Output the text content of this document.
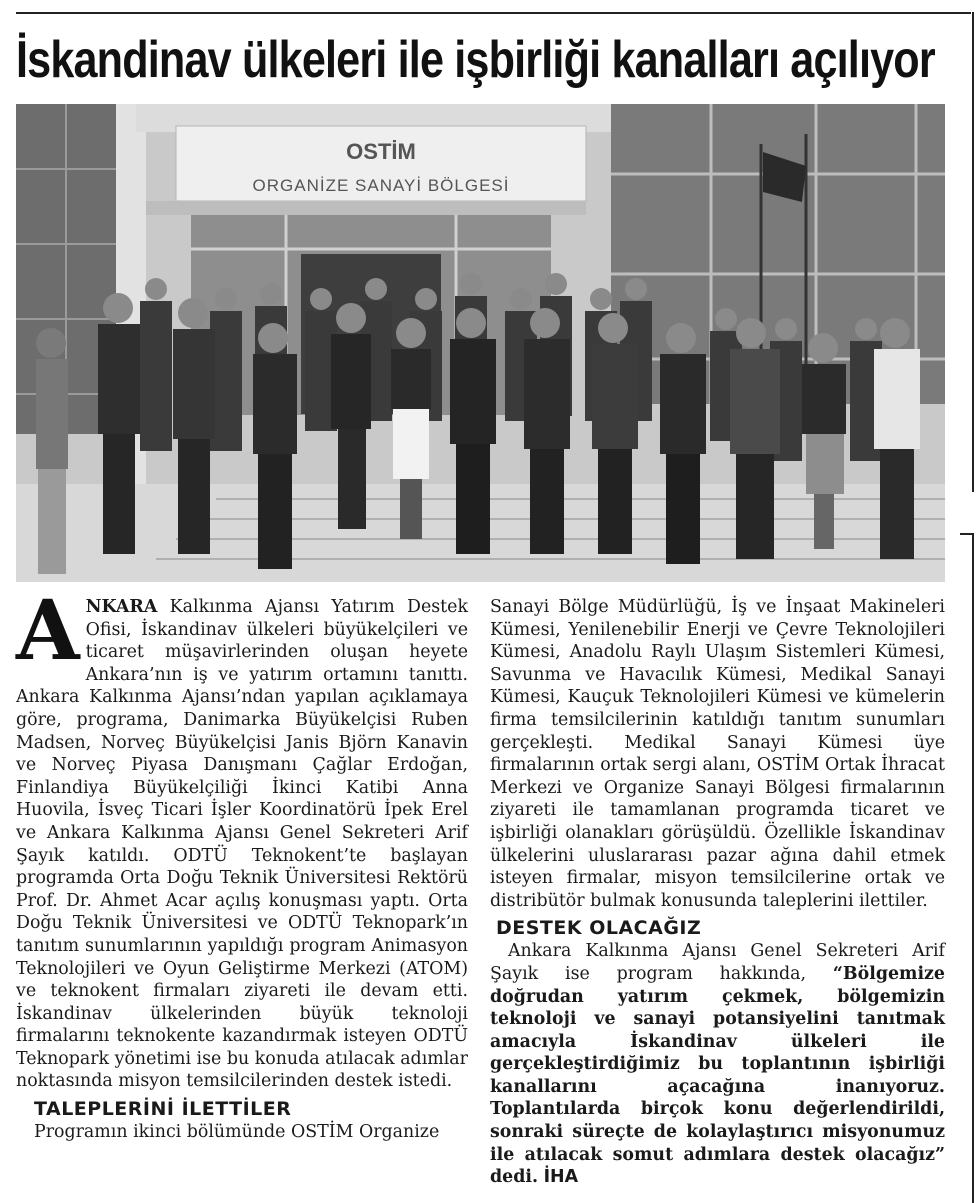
İskandinav ülkeleri ile işbirliği kanalları açılıyor
OSTİM
ORGANİZE SANAYİ BÖLGESİ

ANKARA Kalkınma Ajansı Yatırım Destek Ofisi, İskandinav ülkeleri büyükelçileri ve ticaret müşavirlerinden oluşan heyete Ankara’nın iş ve yatırım ortamını tanıttı. Ankara Kalkınma Ajansı’ndan yapılan açıklamaya göre, programa, Danimarka Büyükelçisi Ruben Madsen, Norveç Büyükelçisi Janis Björn Kanavin ve Norveç Piyasa Danışmanı Çağlar Erdoğan, Finlandiya Büyükelçiliği İkinci Katibi Anna Huovila, İsveç Ticari İşler Koordinatörü İpek Erel ve Ankara Kalkınma Ajansı Genel Sekreteri Arif Şayık katıldı. ODTÜ Teknokent’te başlayan programda Orta Doğu Teknik Üniversitesi Rektörü Prof. Dr. Ahmet Acar açılış konuşması yaptı. Orta Doğu Teknik Üniversitesi ve ODTÜ Teknopark’ın tanıtım sunumlarının yapıldığı program Animasyon Teknolojileri ve Oyun Geliştirme Merkezi (ATOM) ve teknokent firmaları ziyareti ile devam etti. İskandinav ülkelerinden büyük teknoloji firmalarını teknokente kazandırmak isteyen ODTÜ Teknopark yönetimi ise bu konuda atılacak adımlar noktasında misyon temsilcilerinden destek istedi.

TALEPLERİNİ İLETTİLER

Programın ikinci bölümünde OSTİM Organize

Sanayi Bölge Müdürlüğü, İş ve İnşaat Makineleri Kümesi, Yenilenebilir Enerji ve Çevre Teknolojileri Kümesi, Anadolu Raylı Ulaşım Sistemleri Kümesi, Savunma ve Havacılık Kümesi, Medikal Sanayi Kümesi, Kauçuk Teknolojileri Kümesi ve kümelerin firma temsilcilerinin katıldığı tanıtım sunumları gerçekleşti. Medikal Sanayi Kümesi üye firmalarının ortak sergi alanı, OSTİM Ortak İhracat Merkezi ve Organize Sanayi Bölgesi firmalarının ziyareti ile tamamlanan programda ticaret ve işbirliği olanakları görüşüldü. Özellikle İskandinav ülkelerini uluslararası pazar ağına dahil etmek isteyen firmalar, misyon temsilcilerine ortak ve distribütör bulmak konusunda taleplerini ilettiler.

DESTEK OLACAĞIZ

Ankara Kalkınma Ajansı Genel Sekreteri Arif Şayık ise program hakkında, “Bölgemize doğrudan yatırım çekmek, bölgemizin teknoloji ve sanayi potansiyelini tanıtmak amacıyla İskandinav ülkeleri ile gerçekleştirdiğimiz bu toplantının işbirliği kanallarını açacağına inanıyoruz. Toplantılarda birçok konu değerlendirildi, sonraki süreçte de kolaylaştırıcı misyonumuz ile atılacak somut adımlara destek olacağız” dedi. İHA
